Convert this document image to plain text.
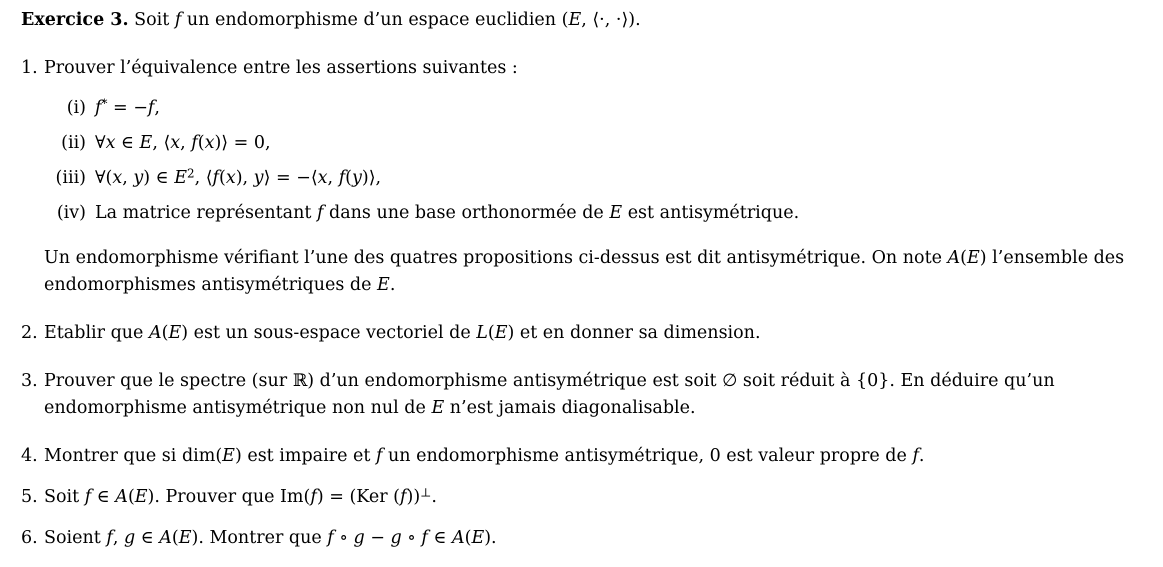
Exercice 3. Soit f un endomorphisme d’un espace euclidien (E, ⟨·, ·⟩).

1. Prouver l’équivalence entre les assertions suivantes :
(i) f* = −f,
(ii) ∀x ∈ E, ⟨x, f(x)⟩ = 0,
(iii) ∀(x, y) ∈ $E^2$, ⟨f(x), y⟩ = −⟨x, f(y)⟩,
(iv) La matrice représentant f dans une base orthonormée de E est antisymétrique.
Un endomorphisme vérifiant l’une des quatres propositions ci-dessus est dit antisymétrique. On note A(E) l’ensemble des endomorphismes antisymétriques de E.
2. Etablir que A(E) est un sous-espace vectoriel de L(E) et en donner sa dimension.
3. Prouver que le spectre (sur ℝ) d’un endomorphisme antisymétrique est soit ∅ soit réduit à {0}. En déduire qu’un endomorphisme antisymétrique non nul de E n’est jamais diagonalisable.
4. Montrer que si dim(E) est impaire et f un endomorphisme antisymétrique, 0 est valeur propre de f.
5. Soit f ∈ A(E). Prouver que Im(f) = (Ker (f))⊥.
6. Soient f, g ∈ A(E). Montrer que f ∘ g − g ∘ f ∈ A(E).
